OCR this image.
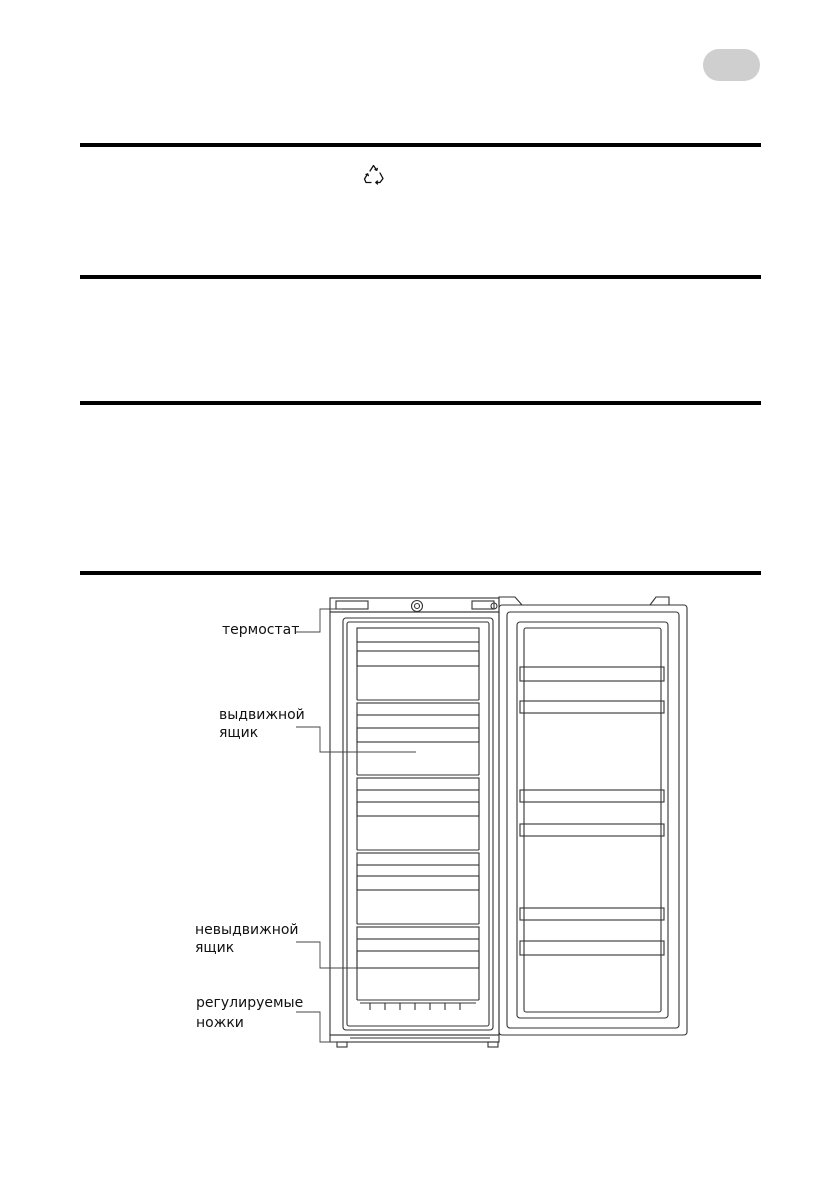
термостат
выдвижной
ящик
невыдвижной
ящик
регулируемые
ножки
